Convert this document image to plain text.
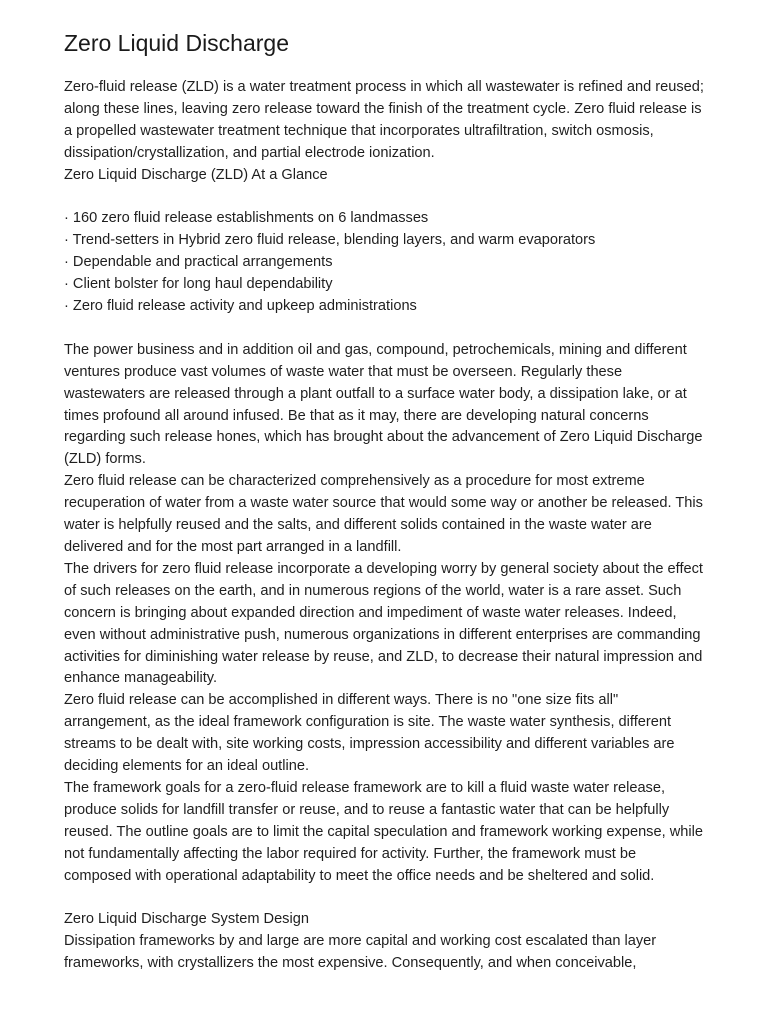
Zero Liquid Discharge

Zero-fluid release (ZLD) is a water treatment process in which all wastewater is refined and reused; along these lines, leaving zero release toward the finish of the treatment cycle. Zero fluid release is a propelled wastewater treatment technique that incorporates ultrafiltration, switch osmosis, dissipation/crystallization, and partial electrode ionization.

Zero Liquid Discharge (ZLD) At a Glance

· 160 zero fluid release establishments on 6 landmasses
· Trend-setters in Hybrid zero fluid release, blending layers, and warm evaporators
· Dependable and practical arrangements
· Client bolster for long haul dependability
· Zero fluid release activity and upkeep administrations

The power business and in addition oil and gas, compound, petrochemicals, mining and different ventures produce vast volumes of waste water that must be overseen. Regularly these wastewaters are released through a plant outfall to a surface water body, a dissipation lake, or at times profound all around infused. Be that as it may, there are developing natural concerns regarding such release hones, which has brought about the advancement of Zero Liquid Discharge (ZLD) forms.

Zero fluid release can be characterized comprehensively as a procedure for most extreme recuperation of water from a waste water source that would some way or another be released. This water is helpfully reused and the salts, and different solids contained in the waste water are delivered and for the most part arranged in a landfill.

The drivers for zero fluid release incorporate a developing worry by general society about the effect of such releases on the earth, and in numerous regions of the world, water is a rare asset. Such concern is bringing about expanded direction and impediment of waste water releases. Indeed, even without administrative push, numerous organizations in different enterprises are commanding activities for diminishing water release by reuse, and ZLD, to decrease their natural impression and enhance manageability.

Zero fluid release can be accomplished in different ways. There is no "one size fits all" arrangement, as the ideal framework configuration is site. The waste water synthesis, different streams to be dealt with, site working costs, impression accessibility and different variables are deciding elements for an ideal outline.

The framework goals for a zero-fluid release framework are to kill a fluid waste water release, produce solids for landfill transfer or reuse, and to reuse a fantastic water that can be helpfully reused. The outline goals are to limit the capital speculation and framework working expense, while not fundamentally affecting the labor required for activity. Further, the framework must be composed with operational adaptability to meet the office needs and be sheltered and solid.

Zero Liquid Discharge System Design

Dissipation frameworks by and large are more capital and working cost escalated than layer frameworks, with crystallizers the most expensive. Consequently, and when conceivable,
